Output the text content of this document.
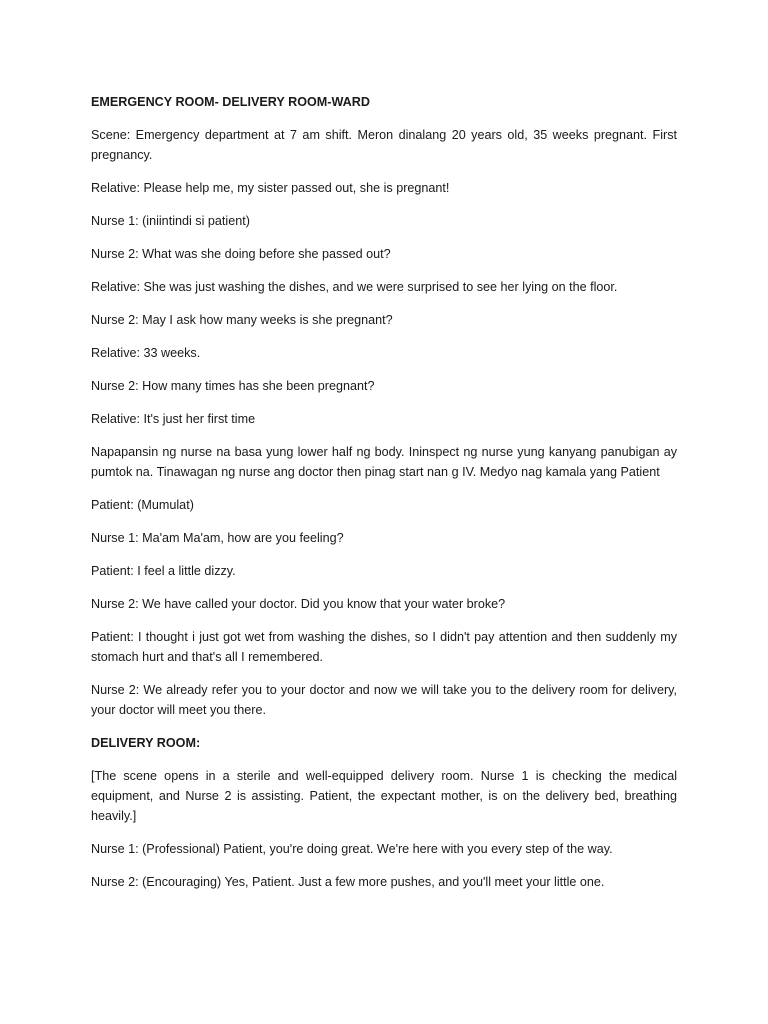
EMERGENCY ROOM- DELIVERY ROOM-WARD

Scene: Emergency department at 7 am shift. Meron dinalang 20 years old, 35 weeks pregnant. First pregnancy.

Relative: Please help me, my sister passed out, she is pregnant!

Nurse 1: (iniintindi si patient)

Nurse 2: What was she doing before she passed out?

Relative: She was just washing the dishes, and we were surprised to see her lying on the floor.

Nurse 2: May I ask how many weeks is she pregnant?

Relative: 33 weeks.

Nurse 2: How many times has she been pregnant?

Relative: It's just her first time

Napapansin ng nurse na basa yung lower half ng body. Ininspect ng nurse yung kanyang panubigan ay pumtok na. Tinawagan ng nurse ang doctor then pinag start nan g IV. Medyo nag kamala yang Patient

Patient: (Mumulat)

Nurse 1: Ma'am Ma'am, how are you feeling?

Patient: I feel a little dizzy.

Nurse 2: We have called your doctor. Did you know that your water broke?

Patient: I thought i just got wet from washing the dishes, so I didn't pay attention and then suddenly my stomach hurt and that's all I remembered.

Nurse 2: We already refer you to your doctor and now we will take you to the delivery room for delivery, your doctor will meet you there.

DELIVERY ROOM:

[The scene opens in a sterile and well-equipped delivery room. Nurse 1 is checking the medical equipment, and Nurse 2 is assisting. Patient, the expectant mother, is on the delivery bed, breathing heavily.]

Nurse 1: (Professional) Patient, you're doing great. We're here with you every step of the way.

Nurse 2: (Encouraging) Yes, Patient. Just a few more pushes, and you'll meet your little one.
